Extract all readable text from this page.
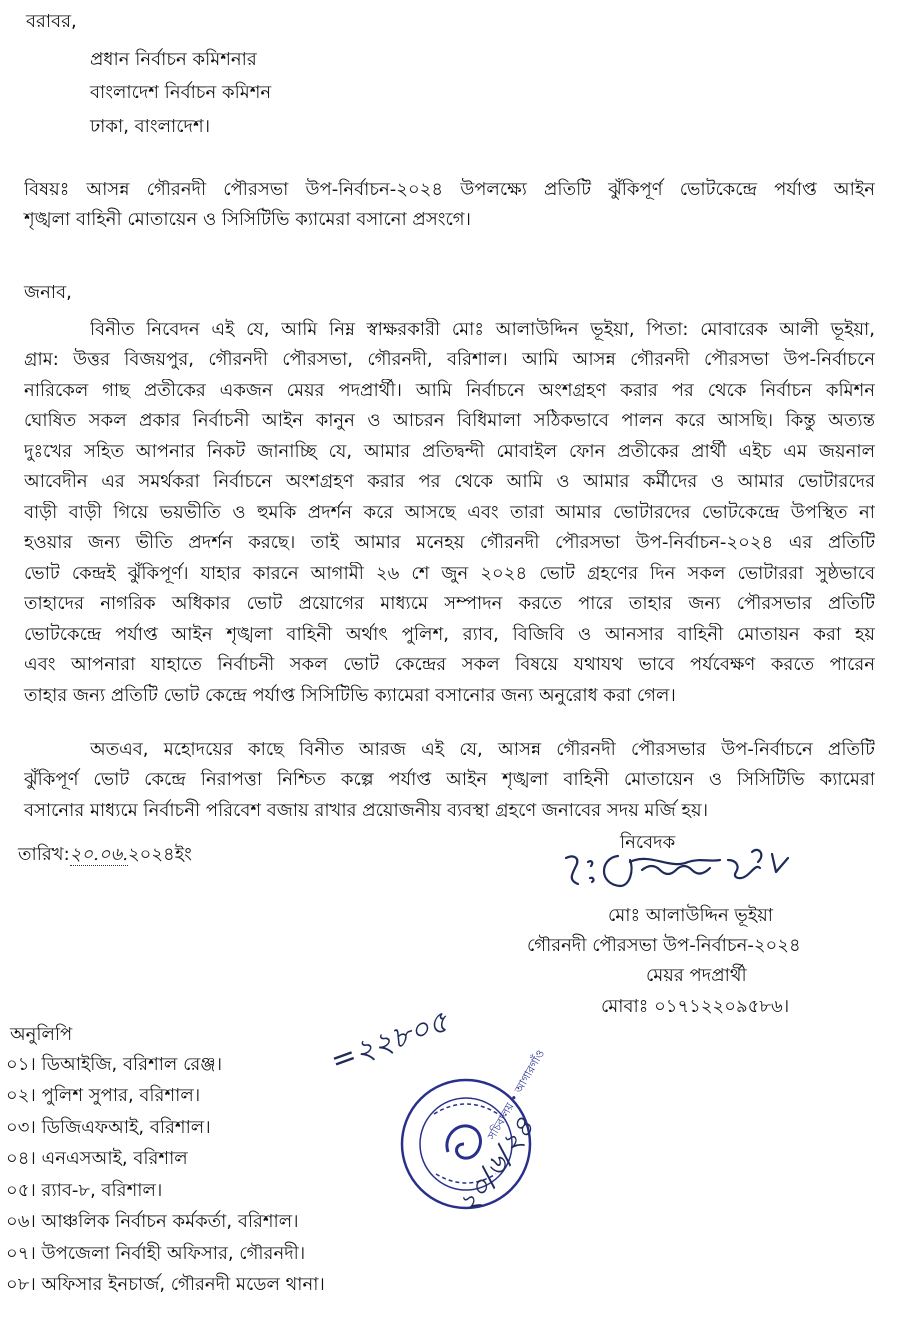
বরাবর,
প্রধান নির্বাচন কমিশনার
বাংলাদেশ নির্বাচন কমিশন
ঢাকা, বাংলাদেশ।
বিষয়ঃ আসন্ন গৌরনদী পৌরসভা উপ-নির্বাচন-২০২৪ উপলক্ষ্যে প্রতিটি ঝুঁকিপূর্ণ ভোটকেন্দ্রে পর্যাপ্ত আইন
শৃঙ্খলা বাহিনী মোতায়েন ও সিসিটিভি ক্যামেরা বসানো প্রসংগে।
জনাব,
বিনীত নিবেদন এই যে, আমি নিম্ন স্বাক্ষরকারী মোঃ আলাউদ্দিন ভূইয়া, পিতা: মোবারেক আলী ভূইয়া,
গ্রাম: উত্তর বিজয়পুর, গৌরনদী পৌরসভা, গৌরনদী, বরিশাল। আমি আসন্ন গৌরনদী পৌরসভা উপ-নির্বাচনে
নারিকেল গাছ প্রতীকের একজন মেয়র পদপ্রার্থী। আমি নির্বাচনে অংশগ্রহণ করার পর থেকে নির্বাচন কমিশন
ঘোষিত সকল প্রকার নির্বাচনী আইন কানুন ও আচরন বিধিমালা সঠিকভাবে পালন করে আসছি। কিন্তু অত্যন্ত
দুঃখের সহিত আপনার নিকট জানাচ্ছি যে, আমার প্রতিদ্বন্দী মোবাইল ফোন প্রতীকের প্রার্থী এইচ এম জয়নাল
আবেদীন এর সমর্থকরা নির্বাচনে অংশগ্রহণ করার পর থেকে আমি ও আমার কর্মীদের ও আমার ভোটারদের
বাড়ী বাড়ী গিয়ে ভয়ভীতি ও হুমকি প্রদর্শন করে আসছে এবং তারা আমার ভোটারদের ভোটকেন্দ্রে উপস্থিত না
হওয়ার জন্য ভীতি প্রদর্শন করছে। তাই আমার মনেহয় গৌরনদী পৌরসভা উপ-নির্বাচন-২০২৪ এর প্রতিটি
ভোট কেন্দ্রই ঝুঁকিপূর্ণ। যাহার কারনে আগামী ২৬ শে জুন ২০২৪ ভোট গ্রহণের দিন সকল ভোটাররা সুষ্ঠভাবে
তাহাদের নাগরিক অধিকার ভোট প্রয়োগের মাধ্যমে সম্পাদন করতে পারে তাহার জন্য পৌরসভার প্রতিটি
ভোটকেন্দ্রে পর্যাপ্ত আইন শৃঙ্খলা বাহিনী অর্থাৎ পুলিশ, র‍্যাব, বিজিবি ও আনসার বাহিনী মোতায়ন করা হয়
এবং আপনারা যাহাতে নির্বাচনী সকল ভোট কেন্দ্রের সকল বিষয়ে যথাযথ ভাবে পর্যবেক্ষণ করতে পারেন
তাহার জন্য প্রতিটি ভোট কেন্দ্রে পর্যাপ্ত সিসিটিভি ক্যামেরা বসানোর জন্য অনুরোধ করা গেল।
অতএব, মহোদয়ের কাছে বিনীত আরজ এই যে, আসন্ন গৌরনদী পৌরসভার উপ-নির্বাচনে প্রতিটি
ঝুঁকিপূর্ণ ভোট কেন্দ্রে নিরাপত্তা নিশ্চিত কল্পে পর্যাপ্ত আইন শৃঙ্খলা বাহিনী মোতায়েন ও সিসিটিভি ক্যামেরা
বসানোর মাধ্যমে নির্বাচনী পরিবেশ বজায় রাখার প্রয়োজনীয় ব্যবস্থা গ্রহণে জনাবের সদয় মর্জি হয়।
তারিখ:২০.০৬.২০২৪ইং
নিবেদক
মোঃ আলাউদ্দিন ভূইয়া
গৌরনদী পৌরসভা উপ-নির্বাচন-২০২৪
মেয়র পদপ্রার্থী
মোবাঃ ০১৭১২২০৯৫৮৬।
অনুলিপি
০১। ডিআইজি, বরিশাল রেঞ্জ।
০২। পুলিশ সুপার, বরিশাল।
০৩। ডিজিএফআই, বরিশাল।
০৪। এনএসআই, বরিশাল
০৫। র‍্যাব-৮, বরিশাল।
০৬। আঞ্চলিক নির্বাচন কর্মকর্তা, বরিশাল।
০৭। উপজেলা নির্বাহী অফিসার, গৌরনদী।
০৮। অফিসার ইনচার্জ, গৌরনদী মডেল থানা।
=২২৮০৫
সচিবালয় • আগারগাঁও
২০/৬/২৪
